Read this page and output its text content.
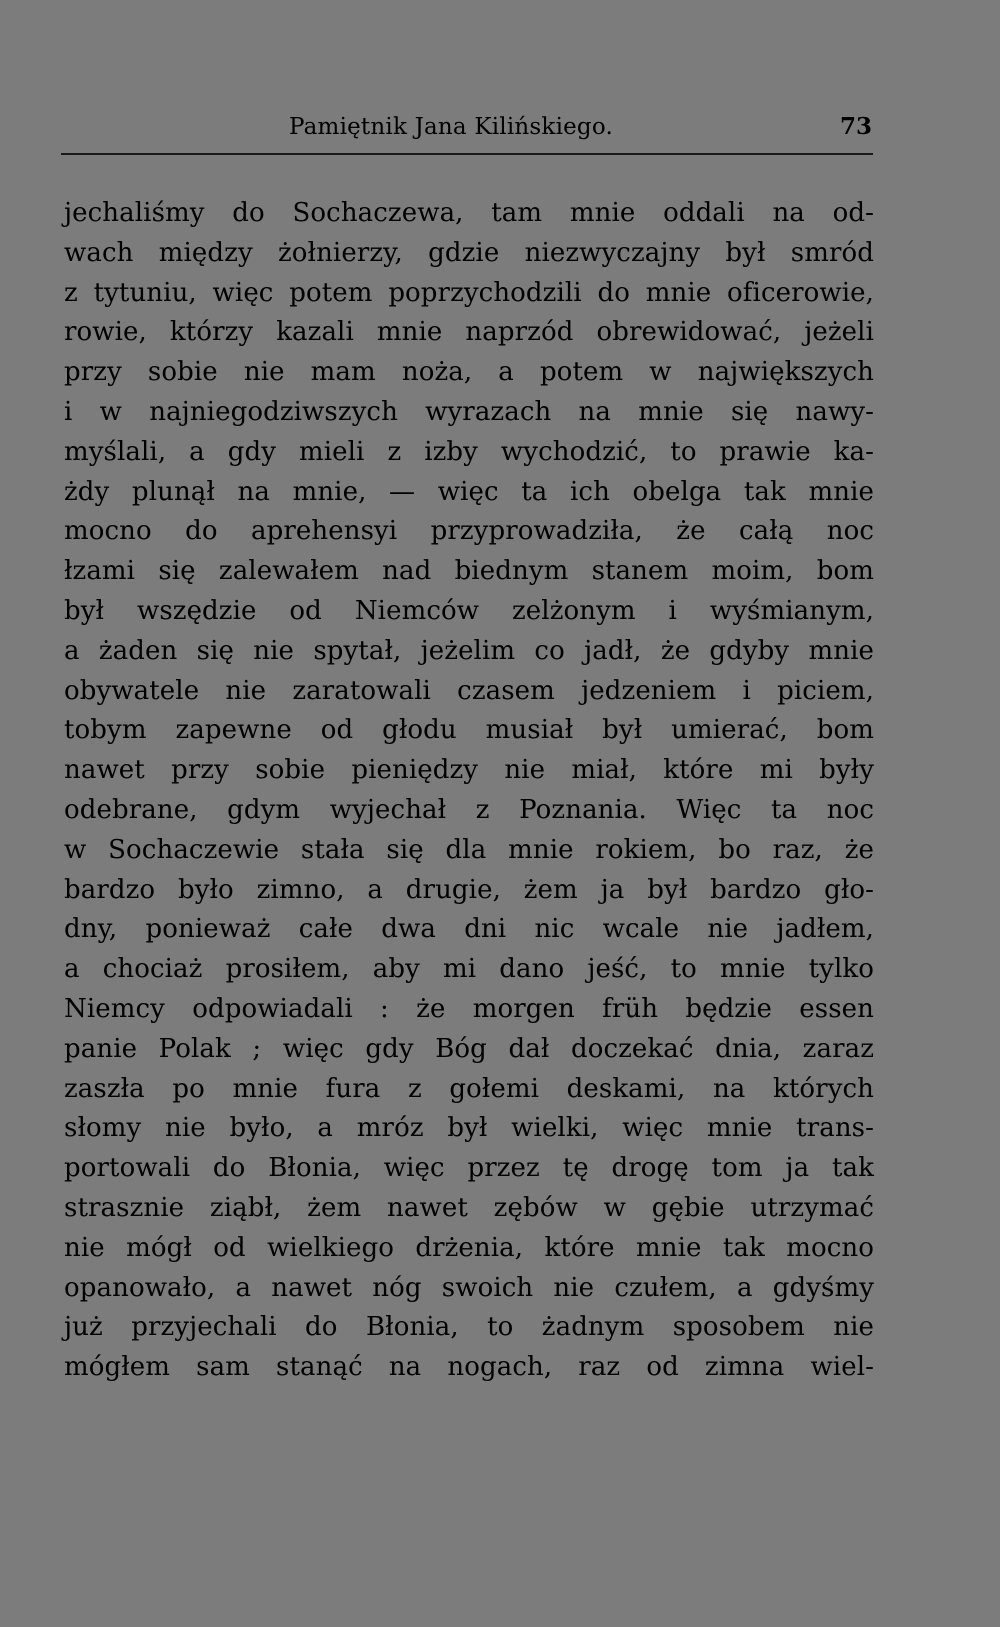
Pamiętnik Jana Kilińskiego.	73
jechaliśmy do Sochaczewa, tam mnie oddali na od-
wach między żołnierzy, gdzie niezwyczajny był smród
z tytuniu, więc potem poprzychodzili do mnie oficerowie,
rowie, którzy kazali mnie naprzód obrewidować, jeżeli
przy sobie nie mam noża, a potem w największych
i w najniegodziwszych wyrazach na mnie się nawy-
myślali, a gdy mieli z izby wychodzić, to prawie ka-
żdy plunął na mnie, — więc ta ich obelga tak mnie
mocno do aprehensyi przyprowadziła, że całą noc
łzami się zalewałem nad biednym stanem moim, bom
był wszędzie od Niemców zelżonym i wyśmianym,
a żaden się nie spytał, jeżelim co jadł, że gdyby mnie
obywatele nie zaratowali czasem jedzeniem i piciem,
tobym zapewne od głodu musiał był umierać, bom
nawet przy sobie pieniędzy nie miał, które mi były
odebrane, gdym wyjechał z Poznania. Więc ta noc
w Sochaczewie stała się dla mnie rokiem, bo raz, że
bardzo było zimno, a drugie, żem ja był bardzo gło-
dny, ponieważ całe dwa dni nic wcale nie jadłem,
a chociaż prosiłem, aby mi dano jeść, to mnie tylko
Niemcy odpowiadali : że morgen früh będzie essen
panie Polak ; więc gdy Bóg dał doczekać dnia, zaraz
zaszła po mnie fura z gołemi deskami, na których
słomy nie było, a mróz był wielki, więc mnie trans-
portowali do Błonia, więc przez tę drogę tom ja tak
strasznie ziąbł, żem nawet zębów w gębie utrzymać
nie mógł od wielkiego drżenia, które mnie tak mocno
opanowało, a nawet nóg swoich nie czułem, a gdyśmy
już przyjechali do Błonia, to żadnym sposobem nie
mógłem sam stanąć na nogach, raz od zimna wiel-
